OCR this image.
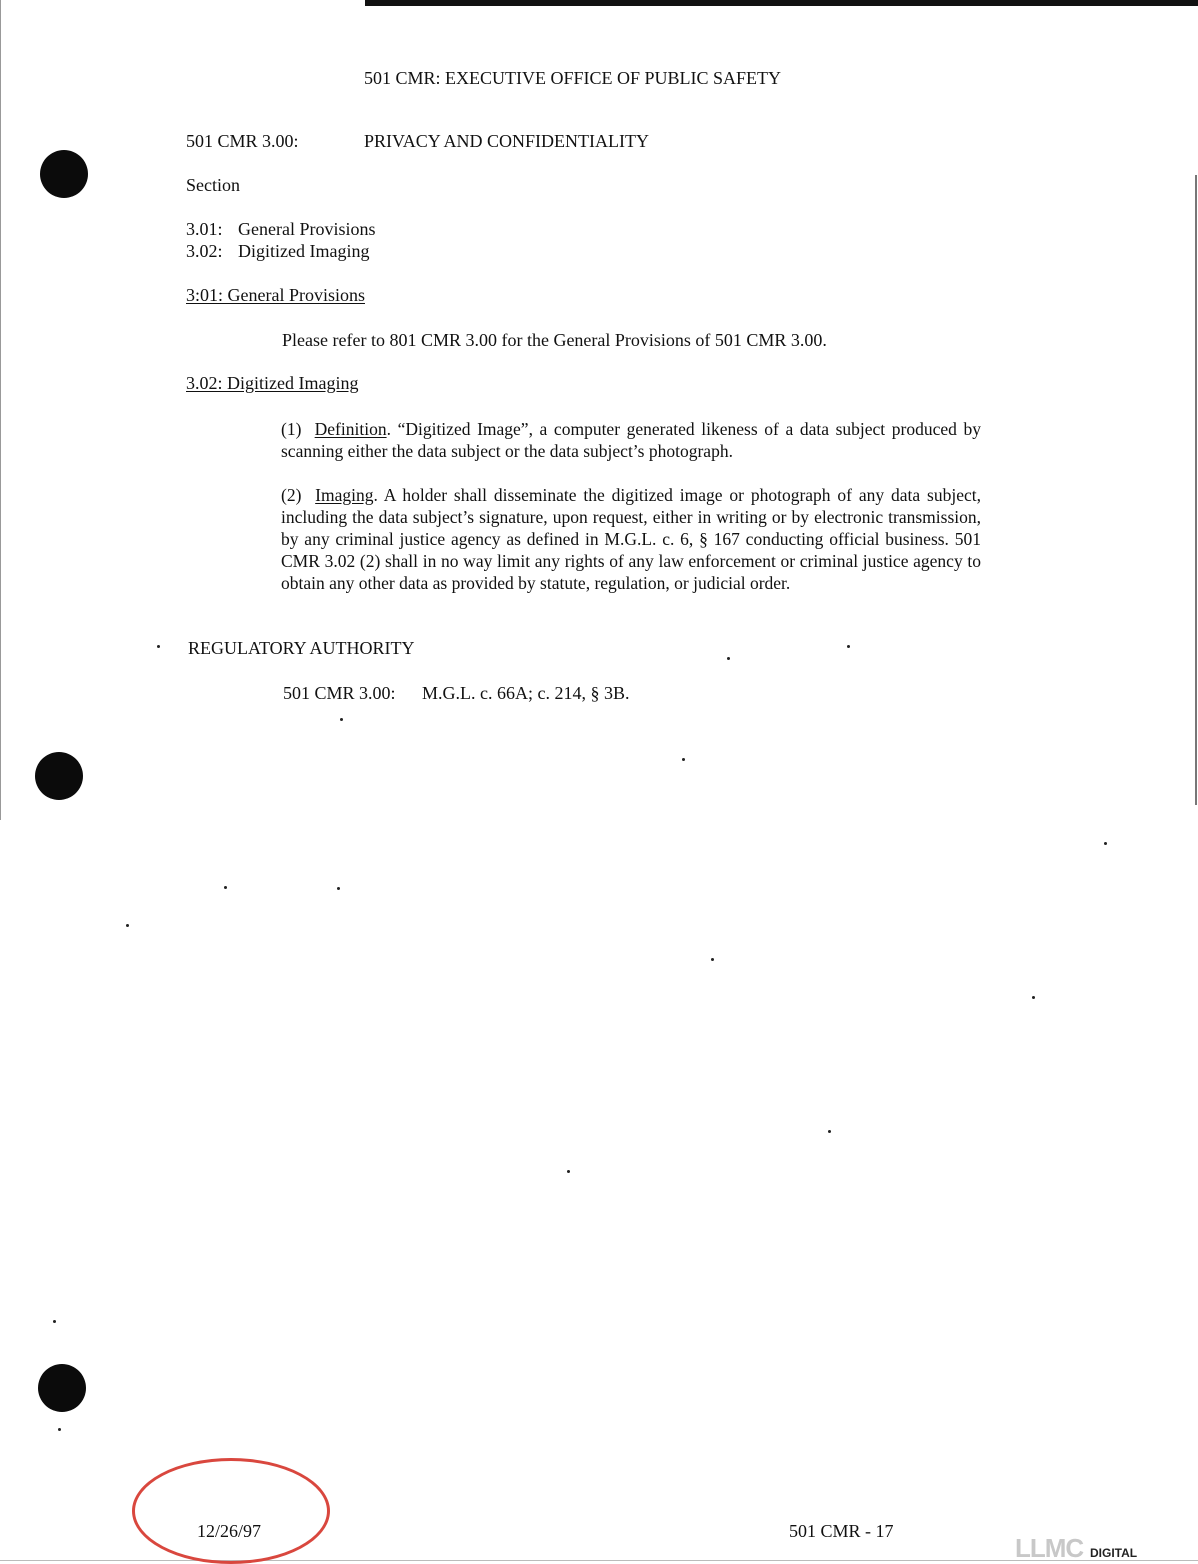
501 CMR: EXECUTIVE OFFICE OF PUBLIC SAFETY
501 CMR 3.00:	PRIVACY AND CONFIDENTIALITY
Section
3.01: General Provisions
3.02: Digitized Imaging
3:01: General Provisions
Please refer to 801 CMR 3.00 for the General Provisions of 501 CMR 3.00.
3.02: Digitized Imaging
(1) Definition. “Digitized Image”, a computer generated likeness of a data subject produced by scanning either the data subject or the data subject’s photograph.
(2) Imaging. A holder shall disseminate the digitized image or photograph of any data subject, including the data subject’s signature, upon request, either in writing or by electronic transmission, by any criminal justice agency as defined in M.G.L. c. 6, § 167 conducting official business. 501 CMR 3.02 (2) shall in no way limit any rights of any law enforcement or criminal justice agency to obtain any other data as provided by statute, regulation, or judicial order.
REGULATORY AUTHORITY
501 CMR 3.00: M.G.L. c. 66A; c. 214, § 3B.
12/26/97	501 CMR - 17
LLMC DIGITAL
